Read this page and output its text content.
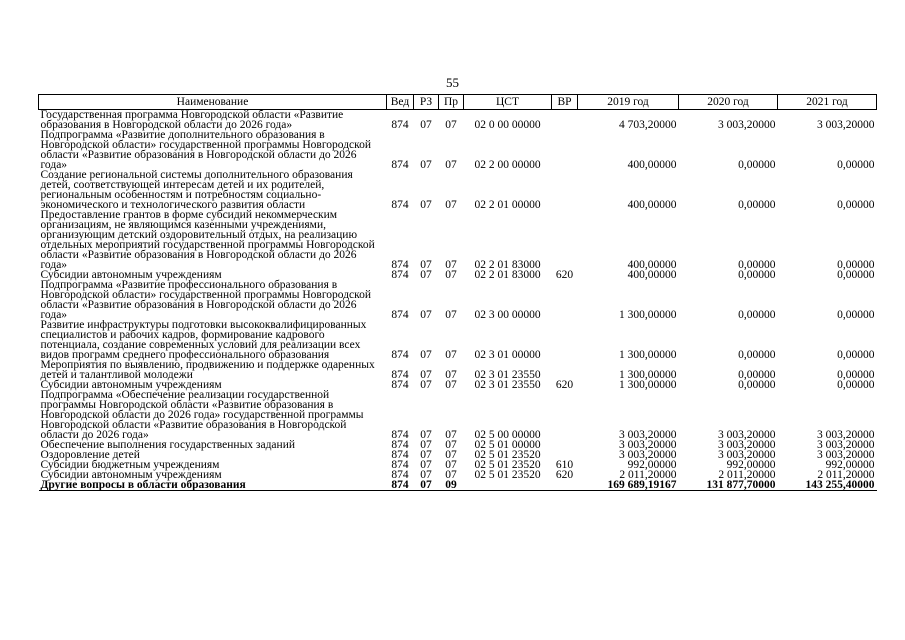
55
Наименование	Вед	РЗ	Пр	ЦСТ	ВР	2019 год	2020 год	2021 год
Государственная программа Новгородской области «Развитие образования в Новгородской области до 2026 года»	874	07	07	02 0 00 00000		4 703,20000	3 003,20000	3 003,20000
Подпрограмма «Развитие дополнительного образования в Новгородской области» государственной программы Новгородской области «Развитие образования в Новгородской области до 2026 года»	874	07	07	02 2 00 00000		400,00000	0,00000	0,00000
Создание региональной системы дополнительного образования детей, соответствующей интересам детей и их родителей, региональным особенностям и потребностям социально-экономического и технологического развития области	874	07	07	02 2 01 00000		400,00000	0,00000	0,00000
Предоставление грантов в форме субсидий некоммерческим организациям, не являющимся казенными учреждениями, организующим детский оздоровительный отдых, на реализацию отдельных мероприятий государственной программы Новгородской области «Развитие образования в Новгородской области до 2026 года»	874	07	07	02 2 01 83000		400,00000	0,00000	0,00000
Субсидии автономным учреждениям	874	07	07	02 2 01 83000	620	400,00000	0,00000	0,00000
Подпрограмма «Развитие профессионального образования в Новгородской области» государственной программы Новгородской области «Развитие образования в Новгородской области до 2026 года»	874	07	07	02 3 00 00000		1 300,00000	0,00000	0,00000
Развитие инфраструктуры подготовки высококвалифицированных специалистов и рабочих кадров, формирование кадрового потенциала, создание современных условий для реализации всех видов программ среднего профессионального образования	874	07	07	02 3 01 00000		1 300,00000	0,00000	0,00000
Мероприятия по выявлению, продвижению и поддержке одаренных детей и талантливой молодежи	874	07	07	02 3 01 23550		1 300,00000	0,00000	0,00000
Субсидии автономным учреждениям	874	07	07	02 3 01 23550	620	1 300,00000	0,00000	0,00000
Подпрограмма «Обеспечение реализации государственной программы Новгородской области «Развитие образования в Новгородской области до 2026 года» государственной программы Новгородской области «Развитие образования в Новгородской области до 2026 года»	874	07	07	02 5 00 00000		3 003,20000	3 003,20000	3 003,20000
Обеспечение выполнения государственных заданий	874	07	07	02 5 01 00000		3 003,20000	3 003,20000	3 003,20000
Оздоровление детей	874	07	07	02 5 01 23520		3 003,20000	3 003,20000	3 003,20000
Субсидии бюджетным учреждениям	874	07	07	02 5 01 23520	610	992,00000	992,00000	992,00000
Субсидии автономным учреждениям	874	07	07	02 5 01 23520	620	2 011,20000	2 011,20000	2 011,20000
Другие вопросы в области образования	874	07	09			169 689,19167	131 877,70000	143 255,40000
